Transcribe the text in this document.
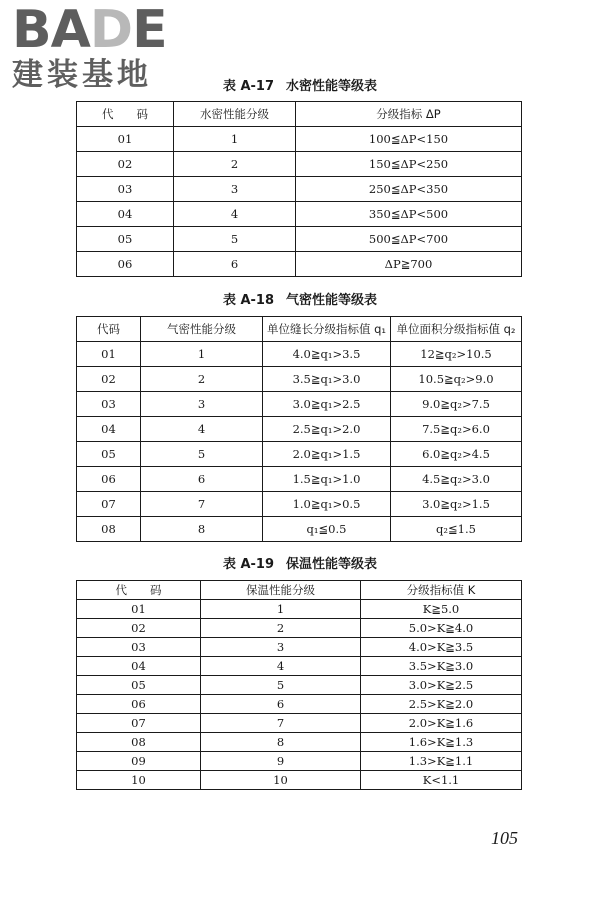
BADE
建装基地	表 A-17 水密性能等级表
代　　码	水密性能分级	分级指标 ΔP
01	1	100≦ΔP<150
02	2	150≦ΔP<250
03	3	250≦ΔP<350
04	4	350≦ΔP<500
05	5	500≦ΔP<700
06	6	ΔP≧700
表 A-18 气密性能等级表
代码	气密性能分级	单位缝长分级指标值 q₁	单位面积分级指标值 q₂
01	1	4.0≧q₁>3.5	12≧q₂>10.5
02	2	3.5≧q₁>3.0	10.5≧q₂>9.0
03	3	3.0≧q₁>2.5	9.0≧q₂>7.5
04	4	2.5≧q₁>2.0	7.5≧q₂>6.0
05	5	2.0≧q₁>1.5	6.0≧q₂>4.5
06	6	1.5≧q₁>1.0	4.5≧q₂>3.0
07	7	1.0≧q₁>0.5	3.0≧q₂>1.5
08	8	q₁≦0.5	q₂≦1.5
表 A-19 保温性能等级表
代　　码	保温性能分级	分级指标值 K
01	1	K≧5.0
02	2	5.0>K≧4.0
03	3	4.0>K≧3.5
04	4	3.5>K≧3.0
05	5	3.0>K≧2.5
06	6	2.5>K≧2.0
07	7	2.0>K≧1.6
08	8	1.6>K≧1.3
09	9	1.3>K≧1.1
10	10	K<1.1
105
